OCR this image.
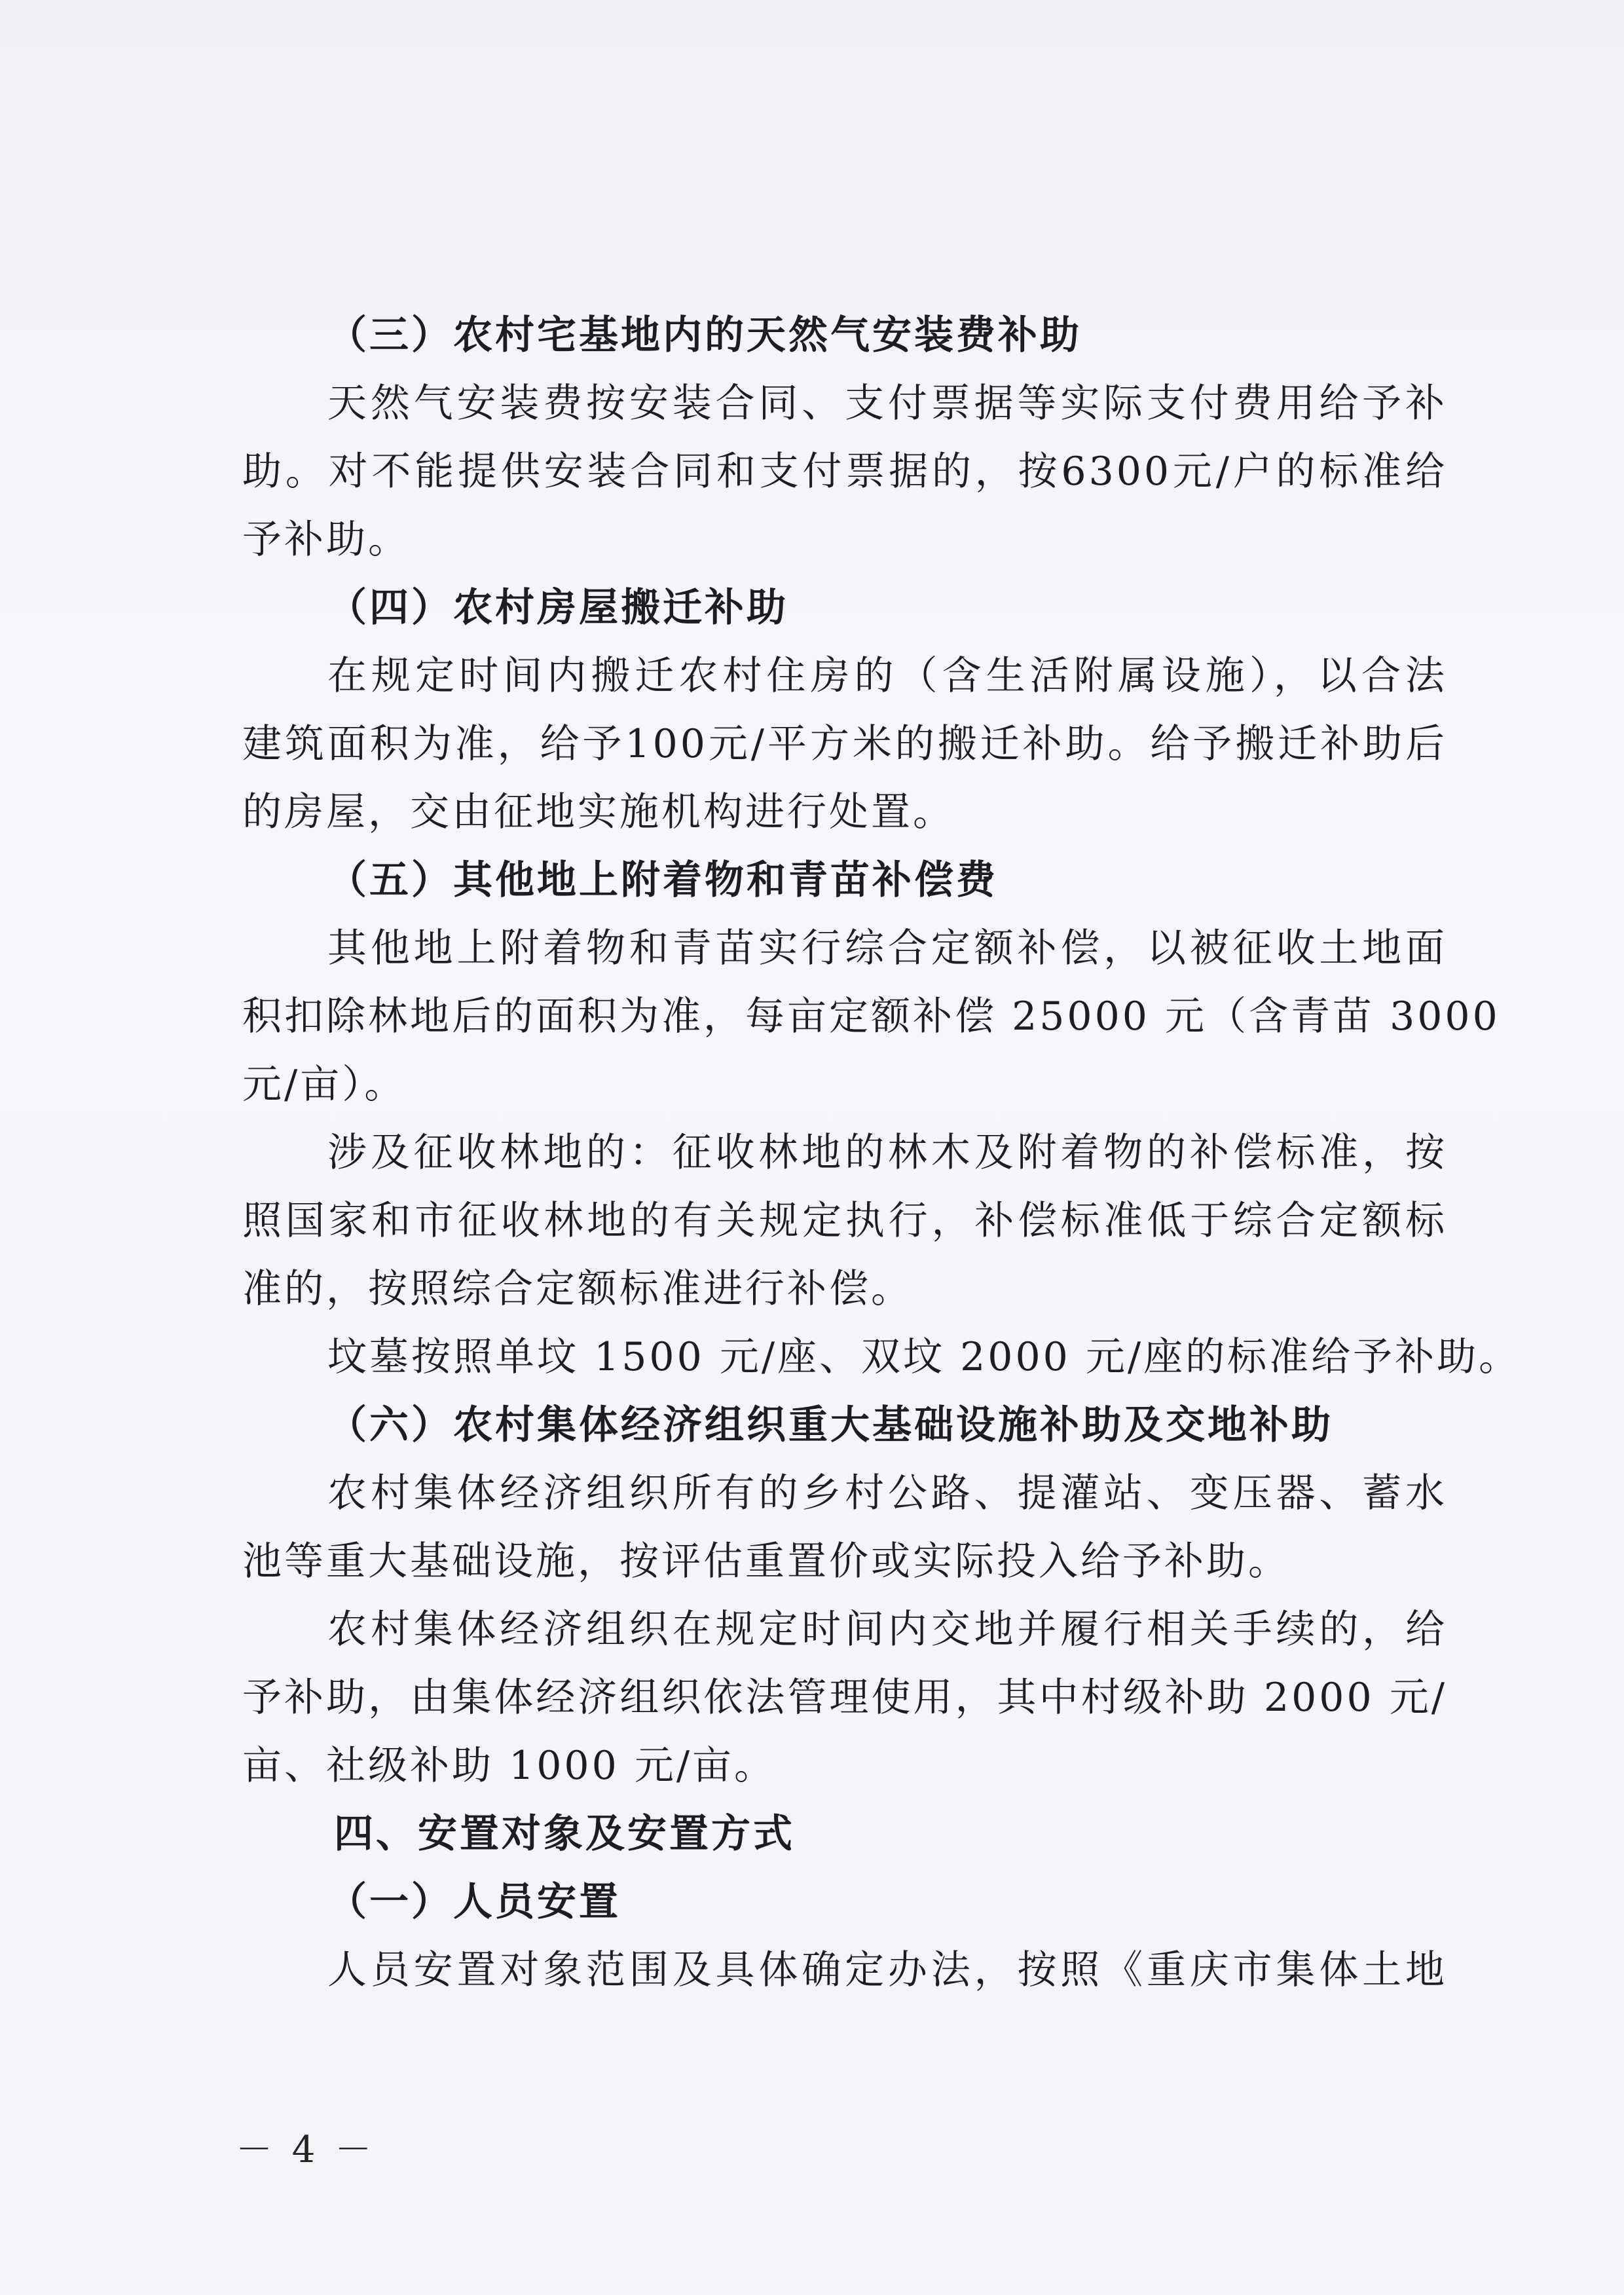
（三）农村宅基地内的天然气安装费补助
天然气安装费按安装合同、支付票据等实际支付费用给予补
助。对不能提供安装合同和支付票据的，按6300元/户的标准给
予补助。
（四）农村房屋搬迁补助
在规定时间内搬迁农村住房的（含生活附属设施），以合法
建筑面积为准，给予100元/平方米的搬迁补助。给予搬迁补助后
的房屋，交由征地实施机构进行处置。
（五）其他地上附着物和青苗补偿费
其他地上附着物和青苗实行综合定额补偿，以被征收土地面
积扣除林地后的面积为准，每亩定额补偿 25000 元（含青苗 3000
元/亩）。
涉及征收林地的：征收林地的林木及附着物的补偿标准，按
照国家和市征收林地的有关规定执行，补偿标准低于综合定额标
准的，按照综合定额标准进行补偿。
坟墓按照单坟 1500 元/座、双坟 2000 元/座的标准给予补助。
（六）农村集体经济组织重大基础设施补助及交地补助
农村集体经济组织所有的乡村公路、提灌站、变压器、蓄水
池等重大基础设施，按评估重置价或实际投入给予补助。
农村集体经济组织在规定时间内交地并履行相关手续的，给
予补助，由集体经济组织依法管理使用，其中村级补助 2000 元/
亩、社级补助 1000 元/亩。
四、安置对象及安置方式
（一）人员安置
人员安置对象范围及具体确定办法，按照《重庆市集体土地
－ 4 －
